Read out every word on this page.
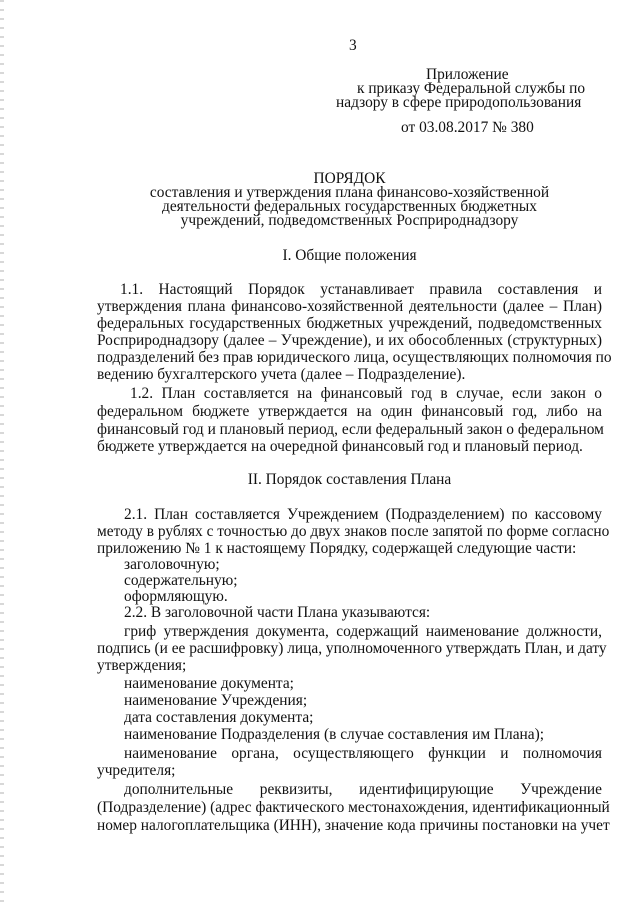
3
Приложение
к приказу Федеральной службы по
надзору в сфере природопользования
от 03.08.2017 № 380
ПОРЯДОК
составления и утверждения плана финансово-хозяйственной
деятельности федеральных государственных бюджетных
учреждений, подведомственных Росприроднадзору
I. Общие положения
1.1. Настоящий Порядок устанавливает правила составления и
утверждения плана финансово-хозяйственной деятельности (далее – План)
федеральных государственных бюджетных учреждений, подведомственных
Росприроднадзору (далее – Учреждение), и их обособленных (структурных)
подразделений без прав юридического лица, осуществляющих полномочия по
ведению бухгалтерского учета (далее – Подразделение).
1.2. План составляется на финансовый год в случае, если закон о
федеральном бюджете утверждается на один финансовый год, либо на
финансовый год и плановый период, если федеральный закон о федеральном
бюджете утверждается на очередной финансовый год и плановый период.
II. Порядок составления Плана
2.1. План составляется Учреждением (Подразделением) по кассовому
методу в рублях с точностью до двух знаков после запятой по форме согласно
приложению № 1 к настоящему Порядку, содержащей следующие части:
заголовочную;
содержательную;
оформляющую.
2.2. В заголовочной части Плана указываются:
гриф утверждения документа, содержащий наименование должности,
подпись (и ее расшифровку) лица, уполномоченного утверждать План, и дату
утверждения;
наименование документа;
наименование Учреждения;
дата составления документа;
наименование Подразделения (в случае составления им Плана);
наименование органа, осуществляющего функции и полномочия
учредителя;
дополнительные реквизиты, идентифицирующие Учреждение
(Подразделение) (адрес фактического местонахождения, идентификационный
номер налогоплательщика (ИНН), значение кода причины постановки на учет
